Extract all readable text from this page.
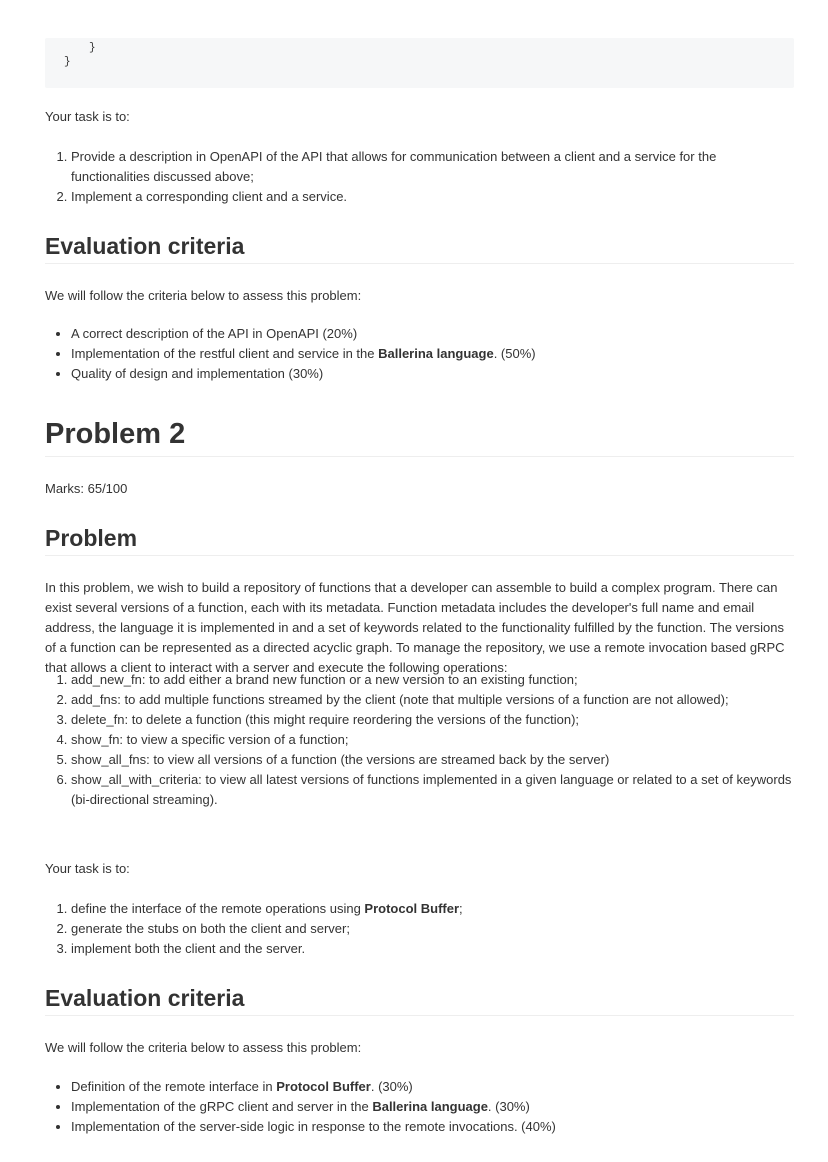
}
}

Your task is to:

1. Provide a description in OpenAPI of the API that allows for communication between a client and a service for the functionalities discussed above;
2. Implement a corresponding client and a service.
Evaluation criteria

We will follow the criteria below to assess this problem:

• A correct description of the API in OpenAPI (20%)
• Implementation of the restful client and service in the Ballerina language. (50%)
• Quality of design and implementation (30%)
Problem 2

Marks: 65/100

Problem

In this problem, we wish to build a repository of functions that a developer can assemble to build a complex program. There can exist several versions of a function, each with its metadata. Function metadata includes the developer's full name and email address, the language it is implemented in and a set of keywords related to the functionality fulfilled by the function. The versions of a function can be represented as a directed acyclic graph. To manage the repository, we use a remote invocation based gRPC that allows a client to interact with a server and execute the following operations:

1. add_new_fn: to add either a brand new function or a new version to an existing function;
2. add_fns: to add multiple functions streamed by the client (note that multiple versions of a function are not allowed);
3. delete_fn: to delete a function (this might require reordering the versions of the function);
4. show_fn: to view a specific version of a function;
5. show_all_fns: to view all versions of a function (the versions are streamed back by the server)
6. show_all_with_criteria: to view all latest versions of functions implemented in a given language or related to a set of keywords (bi-directional streaming).

Your task is to:

1. define the interface of the remote operations using Protocol Buffer;
2. generate the stubs on both the client and server;
3. implement both the client and the server.
Evaluation criteria

We will follow the criteria below to assess this problem:

• Definition of the remote interface in Protocol Buffer. (30%)
• Implementation of the gRPC client and server in the Ballerina language. (30%)
• Implementation of the server-side logic in response to the remote invocations. (40%)
